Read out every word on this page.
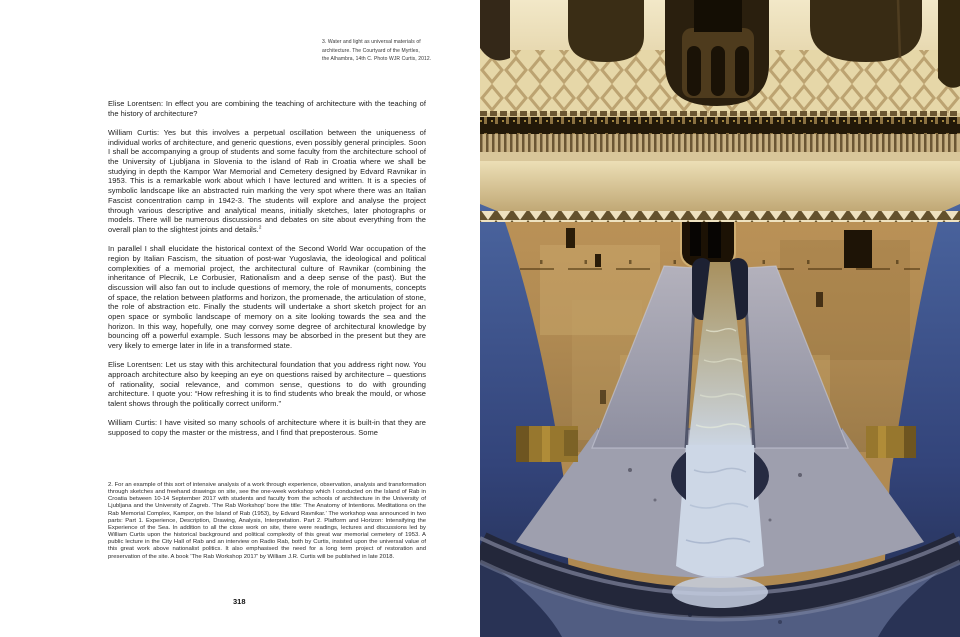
3. Water and light as universal materials of
architecture. The Courtyard of the Myrtles,
the Alhambra, 14th C. Photo WJR Curtis, 2012.

Elise Lorentsen: In effect you are combining the teaching of architecture with the teaching of the history of architecture?

William Curtis: Yes but this involves a perpetual oscillation between the uniqueness of individual works of architecture, and generic questions, even possibly general principles. Soon I shall be accompanying a group of students and some faculty from the architecture school of the University of Ljubljana in Slovenia to the island of Rab in Croatia where we shall be studying in depth the Kampor War Memorial and Cemetery designed by Edvard Ravnikar in 1953. This is a remarkable work about which I have lectured and written. It is a species of symbolic landscape like an abstracted ruin marking the very spot where there was an Italian Fascist concentration camp in 1942-3. The students will explore and analyse the project through various descriptive and analytical means, initially sketches, later photographs or models. There will be numerous discussions and debates on site about everything from the overall plan to the slightest joints and details.$^2$

In parallel I shall elucidate the historical context of the Second World War occupation of the region by Italian Fascism, the situation of post-war Yugoslavia, the ideological and political complexities of a memorial project, the architectural culture of Ravnikar (combining the inheritance of Plecnik, Le Corbusier, Rationalism and a deep sense of the past). But the discussion will also fan out to include questions of memory, the role of monuments, concepts of space, the relation between platforms and horizon, the promenade, the articulation of stone, the role of abstraction etc. Finally the students will undertake a short sketch project for an open space or symbolic landscape of memory on a site looking towards the sea and the horizon. In this way, hopefully, one may convey some degree of architectural knowledge by bouncing off a powerful example. Such lessons may be absorbed in the present but they are very likely to emerge later in life in a transformed state.

Elise Lorentsen: Let us stay with this architectural foundation that you address right now. You approach architecture also by keeping an eye on questions raised by architecture – questions of rationality, social relevance, and common sense, questions to do with grounding architecture. I quote you: “How refreshing it is to find students who break the mould, or whose talent shows through the politically correct uniform.”

William Curtis: I have visited so many schools of architecture where it is built-in that they are supposed to copy the master or the mistress, and I find that preposterous. Some

2. For an example of this sort of intensive analysis of a work through experience, observation, analysis and transformation through sketches and freehand drawings on site, see the one-week workshop which I conducted on the Island of Rab in Croatia between 10-14 September 2017 with students and faculty from the schools of architecture in the University of Ljubljana and the University of Zagreb. ‘The Rab Workshop’ bore the title: ‘The Anatomy of Intentions. Meditations on the Rab Memorial Complex, Kampor, on the Island of Rab (1953), by Edvard Ravnikar.’ The workshop was announced in two parts: Part 1. Experience, Description, Drawing, Analysis, Interpretation. Part 2. Platform and Horizon: Intensifying the Experience of the Sea. In addition to all the close work on site, there were readings, lectures and discussions led by William Curtis upon the historical background and political complexity of this great war memorial cemetery of 1953. A public lecture in the City Hall of Rab and an interview on Radio Rab, both by Curtis, insisted upon the universal value of this great work above nationalist politics. It also emphasised the need for a long term project of restoration and preservation of the site. A book ‘The Rab Workshop 2017’ by William J.R. Curtis will be published in late 2018.
318
